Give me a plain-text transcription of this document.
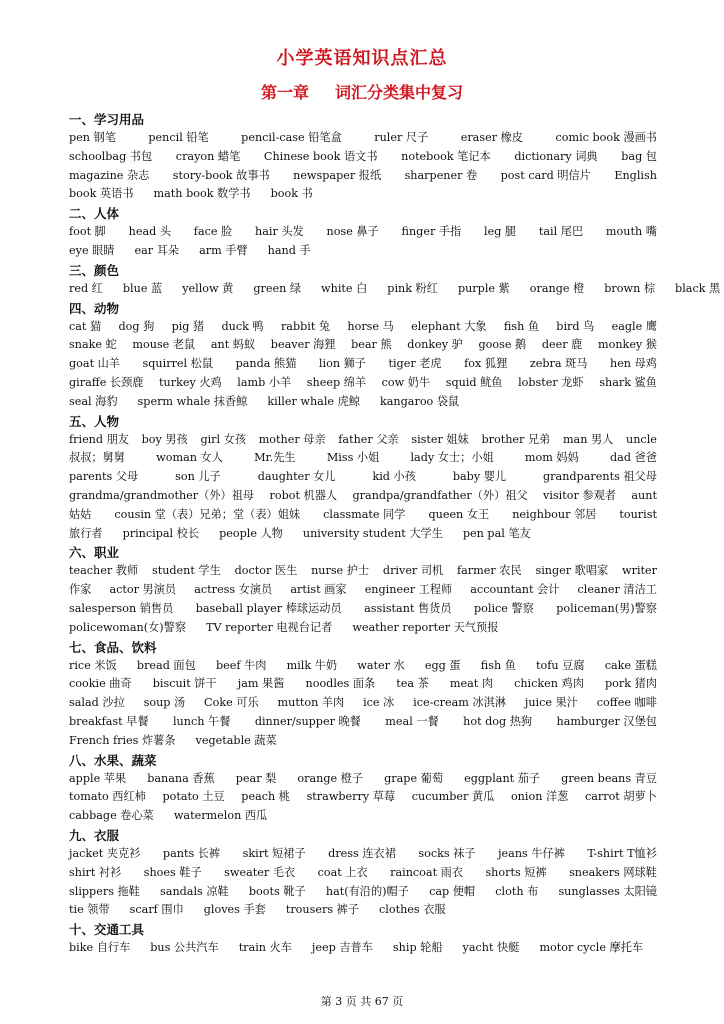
小学英语知识点汇总
第一章 词汇分类集中复习
一、学习用品
pen 钢笔	pencil 铅笔	pencil-case 铅笔盒	ruler 尺子	eraser 橡皮	comic book 漫画书
schoolbag 书包 crayon 蜡笔 Chinese book 语文书 notebook 笔记本 dictionary 词典 bag 包
magazine 杂志 story-book 故事书 newspaper 报纸 sharpener 卷 post card 明信片 English
book 英语书 math book 数学书 book 书
二、人体
foot 脚 head 头 face 脸 hair 头发 nose 鼻子 finger 手指 leg 腿 tail 尾巴 mouth 嘴
eye 眼睛 ear 耳朵 arm 手臂 hand 手
三、颜色
red 红 blue 蓝 yellow 黄 green 绿 white 白 pink 粉红 purple 紫 orange 橙 brown 棕 black 黑
四、动物
cat 猫 dog 狗 pig 猪 duck 鸭 rabbit 兔 horse 马 elephant 大象 fish 鱼 bird 鸟 eagle 鹰
snake 蛇 mouse 老鼠 ant 蚂蚁 beaver 海狸 bear 熊 donkey 驴 goose 鹅 deer 鹿 monkey 猴
goat 山羊 squirrel 松鼠 panda 熊猫 lion 狮子 tiger 老虎 fox 狐狸 zebra 斑马 hen 母鸡
giraffe 长颈鹿 turkey 火鸡 lamb 小羊 sheep 绵羊 cow 奶牛 squid 鱿鱼 lobster 龙虾 shark 鲨鱼
seal 海豹 sperm whale 抹香鲸 killer whale 虎鲸 kangaroo 袋鼠
五、人物
friend 朋友 boy 男孩 girl 女孩 mother 母亲 father 父亲 sister 姐妹 brother 兄弟 man 男人 uncle
叔叔；舅舅	woman 女人	Mr.先生	Miss 小姐	lady 女士；小姐	mom 妈妈	dad 爸爸
parents 父母	son 儿子	daughter 女儿	kid 小孩	baby 婴儿	grandparents 祖父母
grandma/grandmother（外）祖母 robot 机器人 grandpa/grandfather（外）祖父 visitor 参观者 aunt
姑姑 cousin 堂（表）兄弟；堂（表）姐妹 classmate 同学 queen 女王 neighbour 邻居 tourist
旅行者 principal 校长 people 人物 university student 大学生 pen pal 笔友
六、职业
teacher 教师 student 学生 doctor 医生 nurse 护士 driver 司机 farmer 农民 singer 歌唱家 writer
作家 actor 男演员 actress 女演员 artist 画家 engineer 工程师 accountant 会计 cleaner 清洁工
salesperson 销售员 baseball player 棒球运动员 assistant 售货员 police 警察 policeman(男)警察
policewoman(女)警察 TV reporter 电视台记者 weather reporter 天气预报
七、食品、饮料
rice 米饭 bread 面包 beef 牛肉 milk 牛奶 water 水 egg 蛋 fish 鱼 tofu 豆腐 cake 蛋糕
cookie 曲奇 biscuit 饼干 jam 果酱 noodles 面条 tea 茶 meat 肉 chicken 鸡肉 pork 猪肉
salad 沙拉 soup 汤 Coke 可乐 mutton 羊肉 ice 冰 ice-cream 冰淇淋 juice 果汁 coffee 咖啡
breakfast 早餐 lunch 午餐 dinner/supper 晚餐 meal 一餐 hot dog 热狗 hamburger 汉堡包
French fries 炸薯条 vegetable 蔬菜
八、水果、蔬菜
apple 苹果 banana 香蕉 pear 梨 orange 橙子 grape 葡萄 eggplant 茄子 green beans 青豆
tomato 西红柿 potato 土豆 peach 桃 strawberry 草莓 cucumber 黄瓜 onion 洋葱 carrot 胡萝卜
cabbage 卷心菜 watermelon 西瓜
九、衣服
jacket 夹克衫 pants 长裤 skirt 短裙子 dress 连衣裙 socks 袜子 jeans 牛仔裤 T-shirt T恤衫
shirt 衬衫 shoes 鞋子 sweater 毛衣 coat 上衣 raincoat 雨衣 shorts 短裤 sneakers 网球鞋
slippers 拖鞋 sandals 凉鞋 boots 靴子 hat(有沿的)帽子 cap 便帽 cloth 布 sunglasses 太阳镜
tie 领带 scarf 围巾 gloves 手套 trousers 裤子 clothes 衣服
十、交通工具
bike 自行车 bus 公共汽车 train 火车 jeep 吉普车 ship 轮船 yacht 快艇 motor cycle 摩托车
第 3 页 共 67 页
